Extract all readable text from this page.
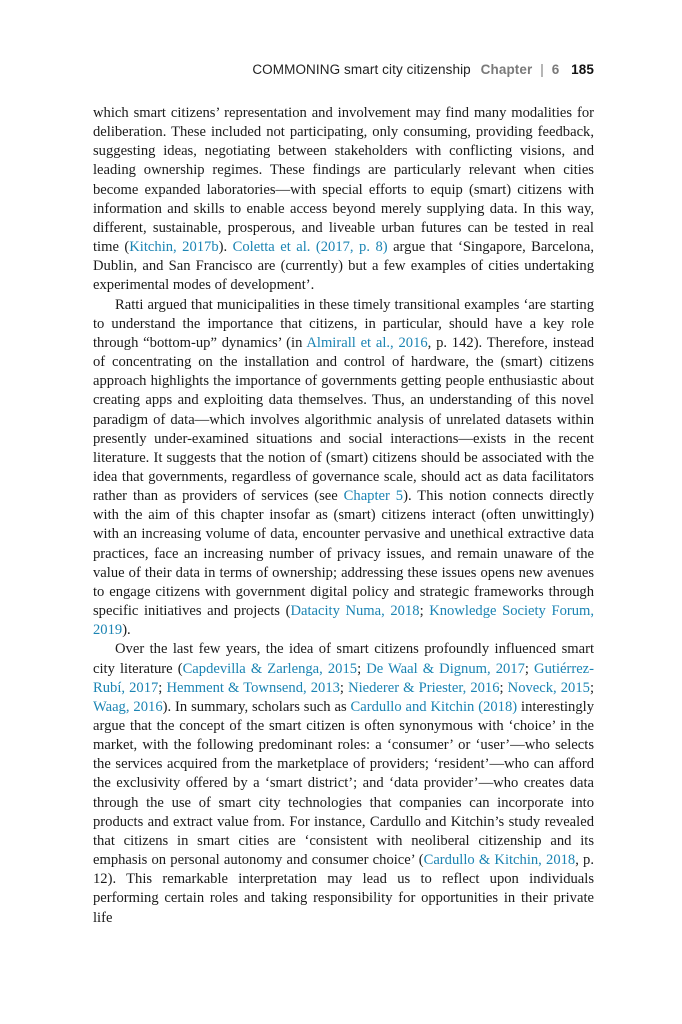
COMMONING smart city citizenship Chapter | 6 185

which smart citizens’ representation and involvement may find many modalities for deliberation. These included not participating, only consuming, providing feedback, suggesting ideas, negotiating between stakeholders with conflicting visions, and leading ownership regimes. These findings are particularly relevant when cities become expanded laboratories—with special efforts to equip (smart) citizens with information and skills to enable access beyond merely supplying data. In this way, different, sustainable, prosperous, and liveable urban futures can be tested in real time (Kitchin, 2017b). Coletta et al. (2017, p. 8) argue that ‘Singapore, Barcelona, Dublin, and San Francisco are (currently) but a few examples of cities undertaking experimental modes of development’.

Ratti argued that municipalities in these timely transitional examples ‘are starting to understand the importance that citizens, in particular, should have a key role through “bottom-up” dynamics’ (in Almirall et al., 2016, p. 142). Therefore, instead of concentrating on the installation and control of hardware, the (smart) citizens approach highlights the importance of governments getting people enthusiastic about creating apps and exploiting data themselves. Thus, an understanding of this novel paradigm of data—which involves algorithmic analysis of unrelated datasets within presently under-examined situations and social interactions—exists in the recent literature. It suggests that the notion of (smart) citizens should be associated with the idea that governments, regardless of governance scale, should act as data facilitators rather than as providers of services (see Chapter 5). This notion connects directly with the aim of this chapter insofar as (smart) citizens interact (often unwittingly) with an increasing volume of data, encounter pervasive and unethical extractive data practices, face an increasing number of privacy issues, and remain unaware of the value of their data in terms of ownership; addressing these issues opens new avenues to engage citizens with government digital policy and strategic frameworks through specific initiatives and projects (Datacity Numa, 2018; Knowledge Society Forum, 2019).

Over the last few years, the idea of smart citizens profoundly influenced smart city literature (Capdevilla & Zarlenga, 2015; De Waal & Dignum, 2017; Gutiérrez-Rubí, 2017; Hemment & Townsend, 2013; Niederer & Priester, 2016; Noveck, 2015; Waag, 2016). In summary, scholars such as Cardullo and Kitchin (2018) interestingly argue that the concept of the smart citizen is often synonymous with ‘choice’ in the market, with the following predominant roles: a ‘consumer’ or ‘user’—who selects the services acquired from the marketplace of providers; ‘resident’—who can afford the exclusivity offered by a ‘smart district’; and ‘data provider’—who creates data through the use of smart city technologies that companies can incorporate into products and extract value from. For instance, Cardullo and Kitchin’s study revealed that citizens in smart cities are ‘consistent with neoliberal citizenship and its emphasis on personal autonomy and consumer choice’ (Cardullo & Kitchin, 2018, p. 12). This remarkable interpretation may lead us to reflect upon individuals performing certain roles and taking responsibility for opportunities in their private life
